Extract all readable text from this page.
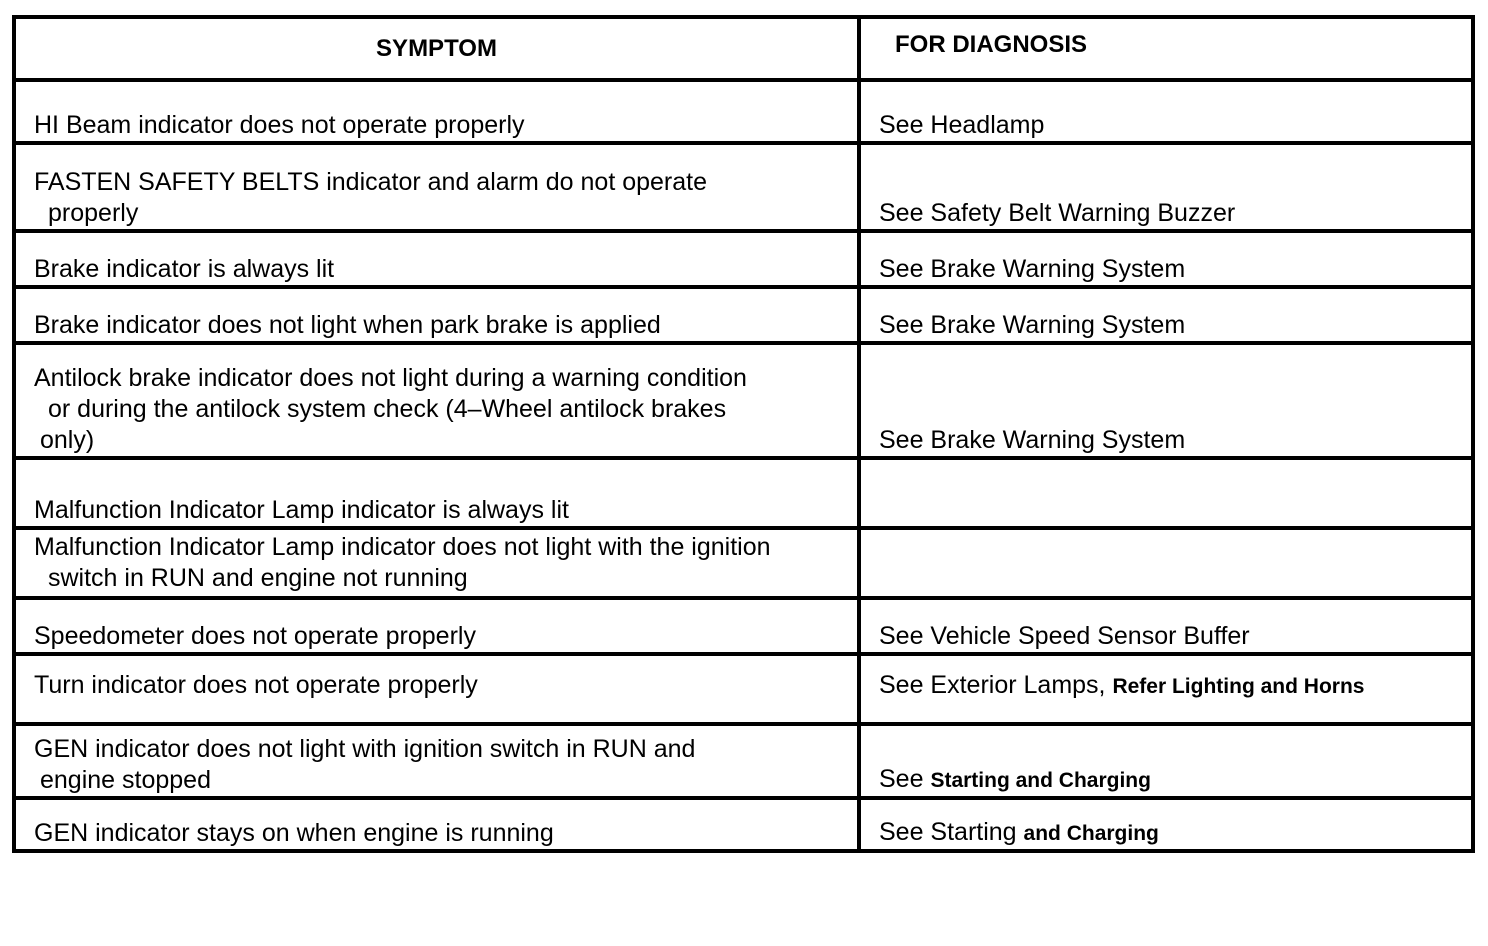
SYMPTOM	FOR DIAGNOSIS

HI Beam indicator does not operate properly	See Headlamp

FASTEN SAFETY BELTS indicator and alarm do not operate
properly	See Safety Belt Warning Buzzer

Brake indicator is always lit	See Brake Warning System

Brake indicator does not light when park brake is applied	See Brake Warning System

Antilock brake indicator does not light during a warning condition
or during the antilock system check (4–Wheel antilock brakes
only)	See Brake Warning System

Malfunction Indicator Lamp indicator is always lit	

Malfunction Indicator Lamp indicator does not light with the ignition
switch in RUN and engine not running	

Speedometer does not operate properly	See Vehicle Speed Sensor Buffer

Turn indicator does not operate properly	See Exterior Lamps, Refer Lighting and Horns

GEN indicator does not light with ignition switch in RUN and
engine stopped	See Starting and Charging

GEN indicator stays on when engine is running	See Starting and Charging
